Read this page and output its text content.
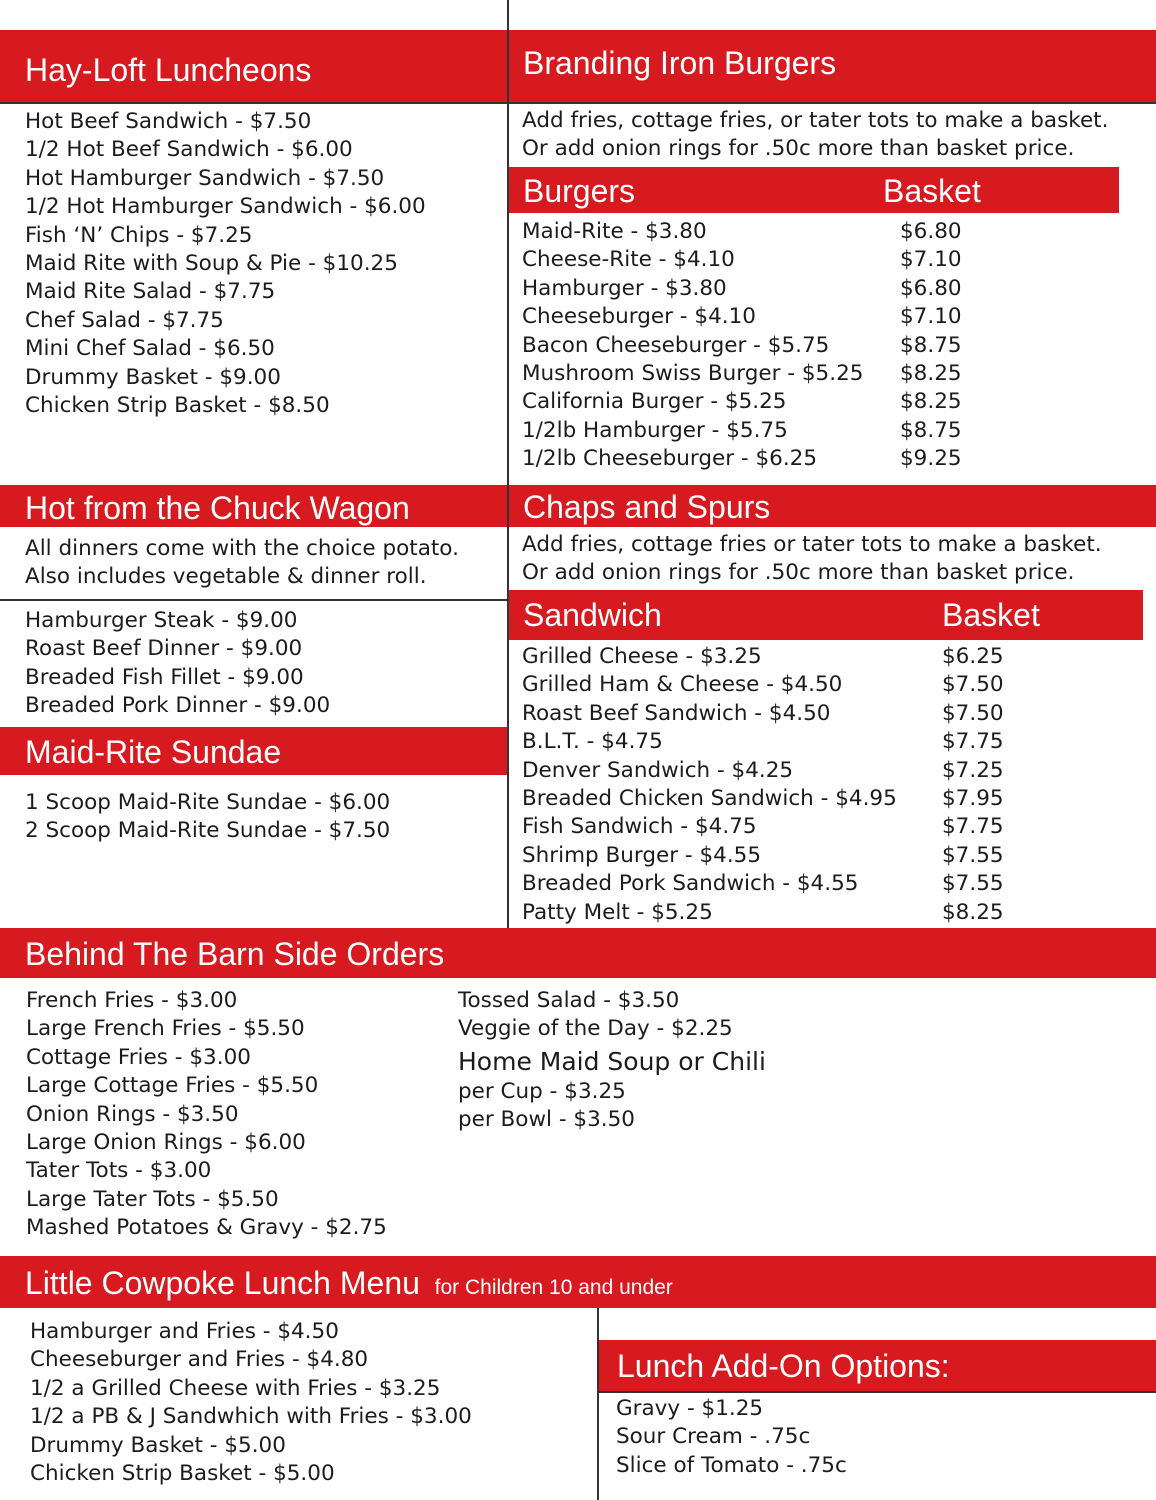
Hay-Loft Luncheons
Hot Beef Sandwich - $7.50
1/2 Hot Beef Sandwich - $6.00
Hot Hamburger Sandwich - $7.50
1/2 Hot Hamburger Sandwich - $6.00
Fish ‘N’ Chips - $7.25
Maid Rite with Soup & Pie - $10.25
Maid Rite Salad - $7.75
Chef Salad - $7.75
Mini Chef Salad - $6.50
Drummy Basket - $9.00
Chicken Strip Basket - $8.50
Branding Iron Burgers
Add fries, cottage fries, or tater tots to make a basket.
Or add onion rings for .50c more than basket price.
Burgers	Basket
Maid-Rite - $3.80
Cheese-Rite - $4.10
Hamburger - $3.80
Cheeseburger - $4.10
Bacon Cheeseburger - $5.75
Mushroom Swiss Burger - $5.25
California Burger - $5.25
1/2lb Hamburger - $5.75
1/2lb Cheeseburger - $6.25
$6.80
$7.10
$6.80
$7.10
$8.75
$8.25
$8.25
$8.75
$9.25
Hot from the Chuck Wagon
All dinners come with the choice potato.
Also includes vegetable & dinner roll.
Hamburger Steak - $9.00
Roast Beef Dinner - $9.00
Breaded Fish Fillet - $9.00
Breaded Pork Dinner - $9.00
Maid-Rite Sundae
1 Scoop Maid-Rite Sundae - $6.00
2 Scoop Maid-Rite Sundae - $7.50
Chaps and Spurs
Add fries, cottage fries or tater tots to make a basket.
Or add onion rings for .50c more than basket price.
Sandwich	Basket
Grilled Cheese - $3.25
Grilled Ham & Cheese - $4.50
Roast Beef Sandwich - $4.50
B.L.T. - $4.75
Denver Sandwich - $4.25
Breaded Chicken Sandwich - $4.95
Fish Sandwich - $4.75
Shrimp Burger - $4.55
Breaded Pork Sandwich - $4.55
Patty Melt - $5.25
$6.25
$7.50
$7.50
$7.75
$7.25
$7.95
$7.75
$7.55
$7.55
$8.25
Behind The Barn Side Orders
French Fries - $3.00
Large French Fries - $5.50
Cottage Fries - $3.00
Large Cottage Fries - $5.50
Onion Rings - $3.50
Large Onion Rings - $6.00
Tater Tots - $3.00
Large Tater Tots - $5.50
Mashed Potatoes & Gravy - $2.75
Tossed Salad - $3.50
Veggie of the Day - $2.25
Home Maid Soup or Chili
per Cup - $3.25
per Bowl - $3.50
Little Cowpoke Lunch Menu for Children 10 and under
Hamburger and Fries - $4.50
Cheeseburger and Fries - $4.80
1/2 a Grilled Cheese with Fries - $3.25
1/2 a PB & J Sandwhich with Fries - $3.00
Drummy Basket - $5.00
Chicken Strip Basket - $5.00
Lunch Add-On Options:
Gravy - $1.25
Sour Cream - .75c
Slice of Tomato - .75c
